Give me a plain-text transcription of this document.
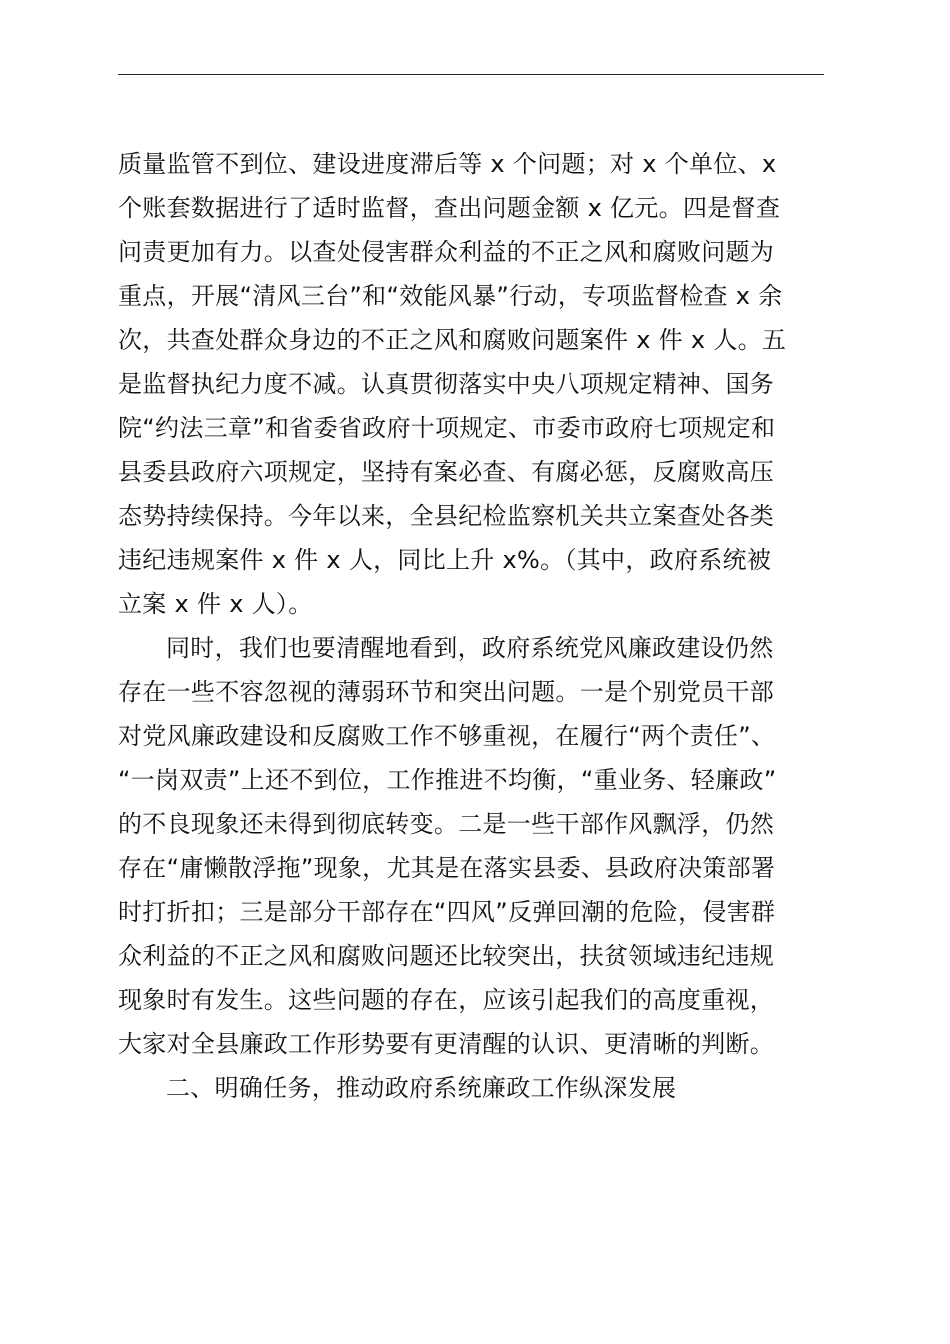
质量监管不到位、建设进度滞后等 x 个问题；对 x 个单位、x
个账套数据进行了适时监督，查出问题金额 x 亿元。四是督查
问责更加有力。以查处侵害群众利益的不正之风和腐败问题为
重点，开展“清风三台”和“效能风暴”行动，专项监督检查 x 余
次，共查处群众身边的不正之风和腐败问题案件 x 件 x 人。五
是监督执纪力度不减。认真贯彻落实中央八项规定精神、国务
院“约法三章”和省委省政府十项规定、市委市政府七项规定和
县委县政府六项规定，坚持有案必查、有腐必惩，反腐败高压
态势持续保持。今年以来，全县纪检监察机关共立案查处各类
违纪违规案件 x 件 x 人，同比上升 x%。（其中，政府系统被
立案 x 件 x 人）。
同时，我们也要清醒地看到，政府系统党风廉政建设仍然
存在一些不容忽视的薄弱环节和突出问题。一是个别党员干部
对党风廉政建设和反腐败工作不够重视，在履行“两个责任”、
“一岗双责”上还不到位，工作推进不均衡，“重业务、轻廉政”
的不良现象还未得到彻底转变。二是一些干部作风飘浮，仍然
存在“庸懒散浮拖”现象，尤其是在落实县委、县政府决策部署
时打折扣；三是部分干部存在“四风”反弹回潮的危险，侵害群
众利益的不正之风和腐败问题还比较突出，扶贫领域违纪违规
现象时有发生。这些问题的存在，应该引起我们的高度重视，
大家对全县廉政工作形势要有更清醒的认识、更清晰的判断。
二、明确任务，推动政府系统廉政工作纵深发展
